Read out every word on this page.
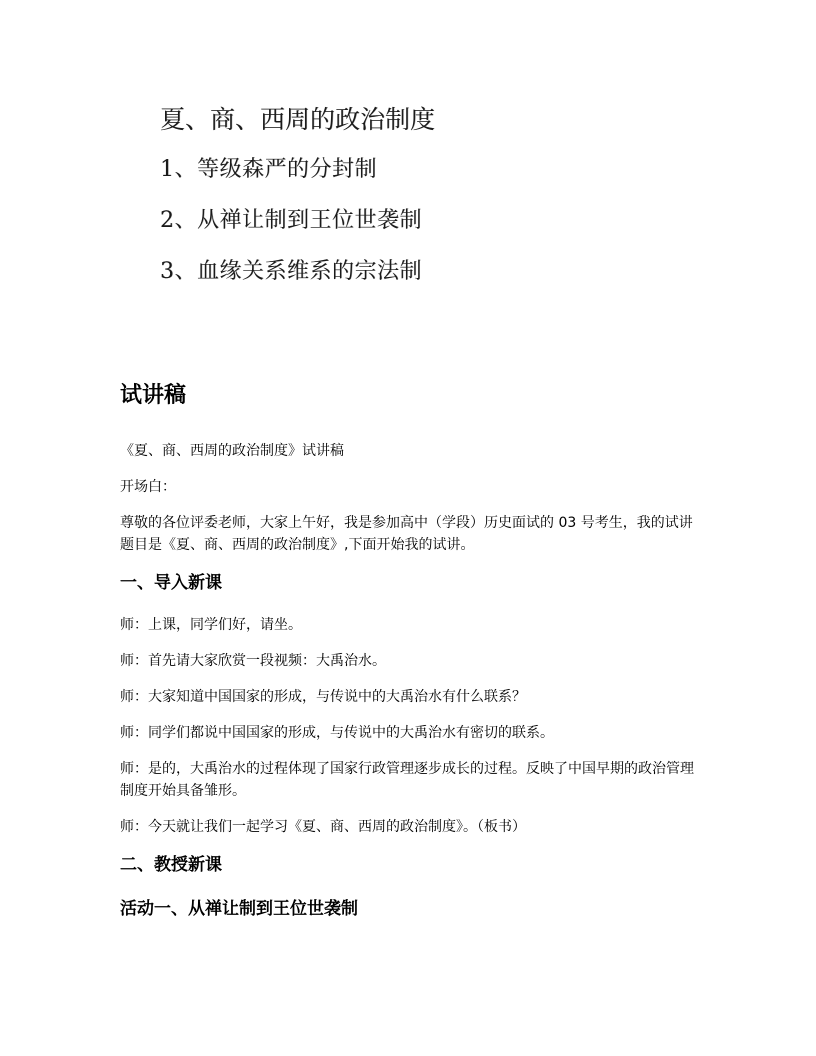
夏、商、西周的政治制度
1、等级森严的分封制
2、从禅让制到王位世袭制
3、血缘关系维系的宗法制
试讲稿

《夏、商、西周的政治制度》试讲稿

开场白：

尊敬的各位评委老师，大家上午好，我是参加高中（学段）历史面试的 03 号考生，我的试讲题目是《夏、商、西周的政治制度》,下面开始我的试讲。

一、导入新课

师：上课，同学们好，请坐。

师：首先请大家欣赏一段视频：大禹治水。

师：大家知道中国国家的形成，与传说中的大禹治水有什么联系？

师：同学们都说中国国家的形成，与传说中的大禹治水有密切的联系。

师：是的，大禹治水的过程体现了国家行政管理逐步成长的过程。反映了中国早期的政治管理制度开始具备雏形。

师：今天就让我们一起学习《夏、商、西周的政治制度》。（板书）

二、教授新课
活动一、从禅让制到王位世袭制
